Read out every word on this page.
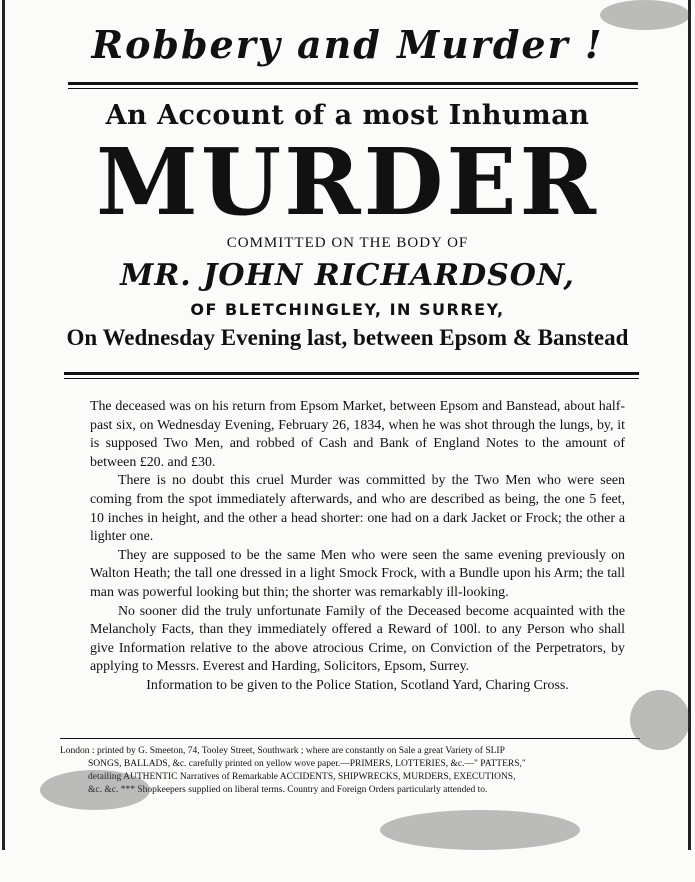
Robbery and Murder !
An Account of a most Inhuman
MURDER
COMMITTED ON THE BODY OF
MR. JOHN RICHARDSON,
OF BLETCHINGLEY, IN SURREY,
On Wednesday Evening last, between Epsom & Banstead

The deceased was on his return from Epsom Market, between Epsom and Banstead, about half-past six, on Wednesday Evening, February 26, 1834, when he was shot through the lungs, by, it is supposed Two Men, and robbed of Cash and Bank of England Notes to the amount of between £20. and £30.

There is no doubt this cruel Murder was committed by the Two Men who were seen coming from the spot immediately afterwards, and who are described as being, the one 5 feet, 10 inches in height, and the other a head shorter: one had on a dark Jacket or Frock; the other a lighter one.

They are supposed to be the same Men who were seen the same evening previously on Walton Heath; the tall one dressed in a light Smock Frock, with a Bundle upon his Arm; the tall man was powerful looking but thin; the shorter was remarkably ill-looking.

No sooner did the truly unfortunate Family of the Deceased become acquainted with the Melancholy Facts, than they immediately offered a Reward of 100l. to any Person who shall give Information relative to the above atrocious Crime, on Conviction of the Perpetrators, by applying to Messrs. Everest and Harding, Solicitors, Epsom, Surrey.

Information to be given to the Police Station, Scotland Yard, Charing Cross.

London : printed by G. Smeeton, 74, Tooley Street, Southwark ; where are constantly on Sale a great Variety of SLIP

SONGS, BALLADS, &c. carefully printed on yellow wove paper.—PRIMERS, LOTTERIES, &c.—" PATTERS,"

detailing AUTHENTIC Narratives of Remarkable ACCIDENTS, SHIPWRECKS, MURDERS, EXECUTIONS,

&c. &c. *** Shopkeepers supplied on liberal terms. Country and Foreign Orders particularly attended to.
